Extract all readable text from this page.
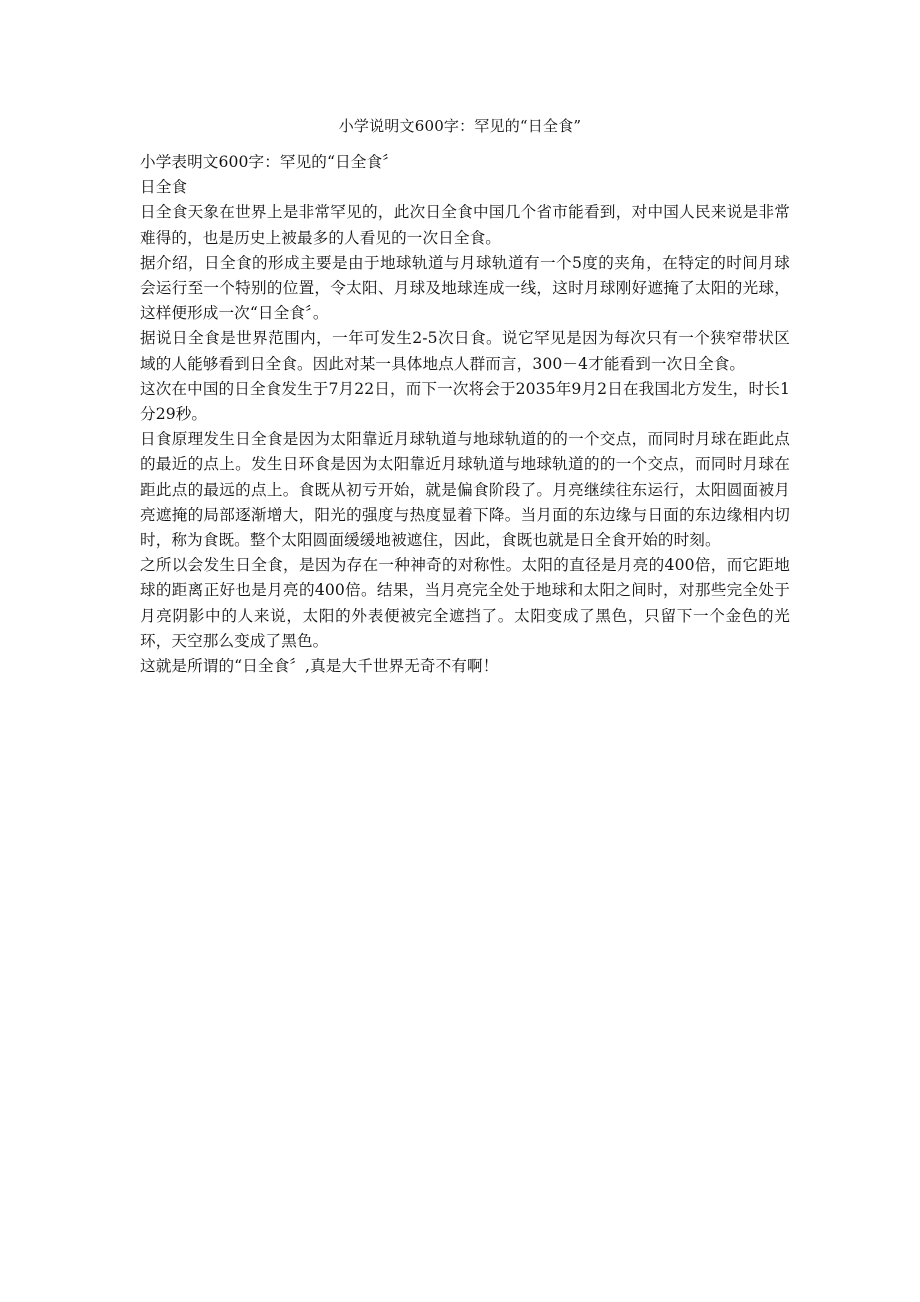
小学说明文600字：罕见的“日全食”

小学表明文600字：罕见的“日全食〞

日全食

日全食天象在世界上是非常罕见的，此次日全食中国几个省市能看到，对中国人民来说是非常难得的，也是历史上被最多的人看见的一次日全食。

据介绍，日全食的形成主要是由于地球轨道与月球轨道有一个5度的夹角，在特定的时间月球会运行至一个特别的位置，令太阳、月球及地球连成一线，这时月球刚好遮掩了太阳的光球，这样便形成一次“日全食〞。

据说日全食是世界范围内，一年可发生2-5次日食。说它罕见是因为每次只有一个狭窄带状区域的人能够看到日全食。因此对某一具体地点人群而言，300－4才能看到一次日全食。

这次在中国的日全食发生于7月22日，而下一次将会于2035年9月2日在我国北方发生，时长1分29秒。

日食原理发生日全食是因为太阳靠近月球轨道与地球轨道的的一个交点，而同时月球在距此点的最近的点上。发生日环食是因为太阳靠近月球轨道与地球轨道的的一个交点，而同时月球在距此点的最远的点上。食既从初亏开始，就是偏食阶段了。月亮继续往东运行，太阳圆面被月亮遮掩的局部逐渐增大，阳光的强度与热度显着下降。当月面的东边缘与日面的东边缘相内切时，称为食既。整个太阳圆面缓缓地被遮住，因此，食既也就是日全食开始的时刻。

之所以会发生日全食，是因为存在一种神奇的对称性。太阳的直径是月亮的400倍，而它距地球的距离正好也是月亮的400倍。结果，当月亮完全处于地球和太阳之间时，对那些完全处于月亮阴影中的人来说，太阳的外表便被完全遮挡了。太阳变成了黑色，只留下一个金色的光环，天空那么变成了黑色。

这就是所谓的“日全食〞,真是大千世界无奇不有啊！
